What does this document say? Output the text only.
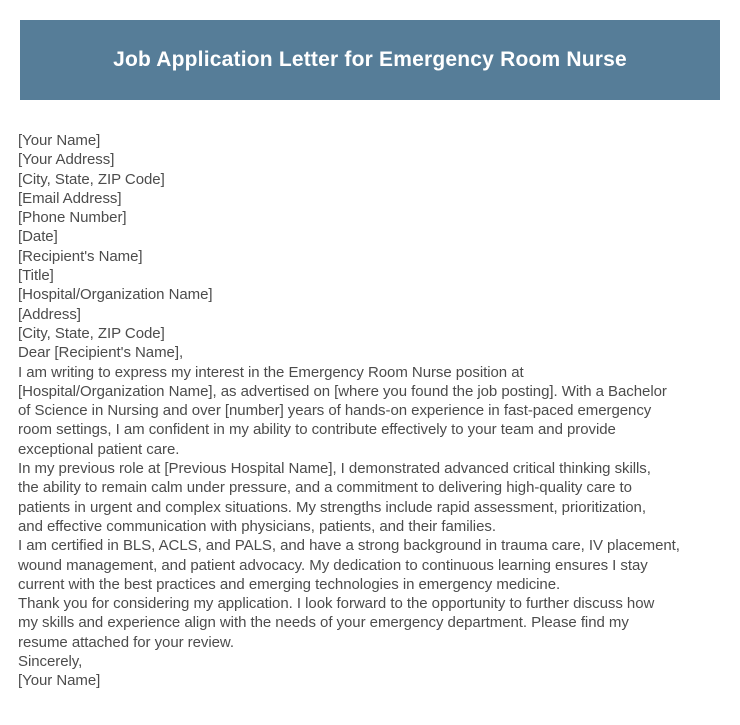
Job Application Letter for Emergency Room Nurse
[Your Name]
[Your Address]
[City, State, ZIP Code]
[Email Address]
[Phone Number]
[Date]
[Recipient's Name]
[Title]
[Hospital/Organization Name]
[Address]
[City, State, ZIP Code]
Dear [Recipient's Name],
I am writing to express my interest in the Emergency Room Nurse position at
[Hospital/Organization Name], as advertised on [where you found the job posting]. With a Bachelor
of Science in Nursing and over [number] years of hands-on experience in fast-paced emergency
room settings, I am confident in my ability to contribute effectively to your team and provide
exceptional patient care.
In my previous role at [Previous Hospital Name], I demonstrated advanced critical thinking skills,
the ability to remain calm under pressure, and a commitment to delivering high-quality care to
patients in urgent and complex situations. My strengths include rapid assessment, prioritization,
and effective communication with physicians, patients, and their families.
I am certified in BLS, ACLS, and PALS, and have a strong background in trauma care, IV placement,
wound management, and patient advocacy. My dedication to continuous learning ensures I stay
current with the best practices and emerging technologies in emergency medicine.
Thank you for considering my application. I look forward to the opportunity to further discuss how
my skills and experience align with the needs of your emergency department. Please find my
resume attached for your review.
Sincerely,
[Your Name]
